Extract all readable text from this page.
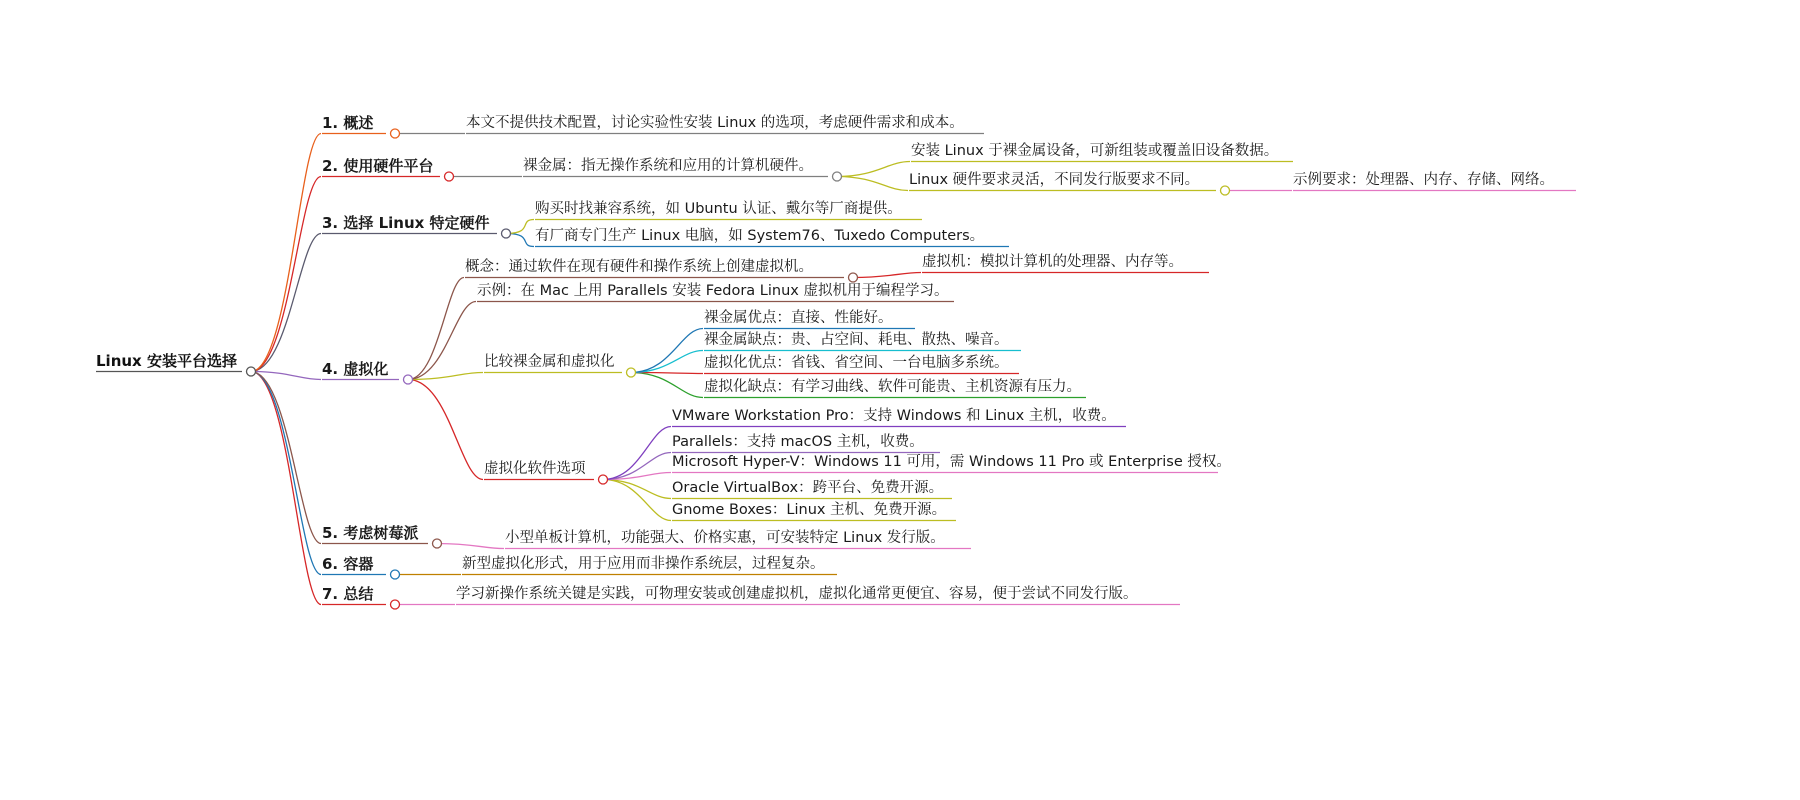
Linux 安装平台选择
1. 概述	本文不提供技术配置，讨论实验性安装 Linux 的选项，考虑硬件需求和成本。
2. 使用硬件平台	裸金属：指无操作系统和应用的计算机硬件。
安装 Linux 于裸金属设备，可新组装或覆盖旧设备数据。
Linux 硬件要求灵活，不同发行版要求不同。	示例要求：处理器、内存、存储、网络。
3. 选择 Linux 特定硬件
购买时找兼容系统，如 Ubuntu 认证、戴尔等厂商提供。
有厂商专门生产 Linux 电脑，如 System76、Tuxedo Computers。
4. 虚拟化
概念：通过软件在现有硬件和操作系统上创建虚拟机。	虚拟机：模拟计算机的处理器、内存等。
示例：在 Mac 上用 Parallels 安装 Fedora Linux 虚拟机用于编程学习。
比较裸金属和虚拟化
裸金属优点：直接、性能好。
裸金属缺点：贵、占空间、耗电、散热、噪音。
虚拟化优点：省钱、省空间、一台电脑多系统。
虚拟化缺点：有学习曲线、软件可能贵、主机资源有压力。
虚拟化软件选项
VMware Workstation Pro：支持 Windows 和 Linux 主机，收费。
Parallels：支持 macOS 主机，收费。
Microsoft Hyper-V：Windows 11 可用，需 Windows 11 Pro 或 Enterprise 授权。
Oracle VirtualBox：跨平台、免费开源。
Gnome Boxes：Linux 主机、免费开源。
5. 考虑树莓派	小型单板计算机，功能强大、价格实惠，可安装特定 Linux 发行版。
6. 容器	新型虚拟化形式，用于应用而非操作系统层，过程复杂。
7. 总结	学习新操作系统关键是实践，可物理安装或创建虚拟机，虚拟化通常更便宜、容易，便于尝试不同发行版。
